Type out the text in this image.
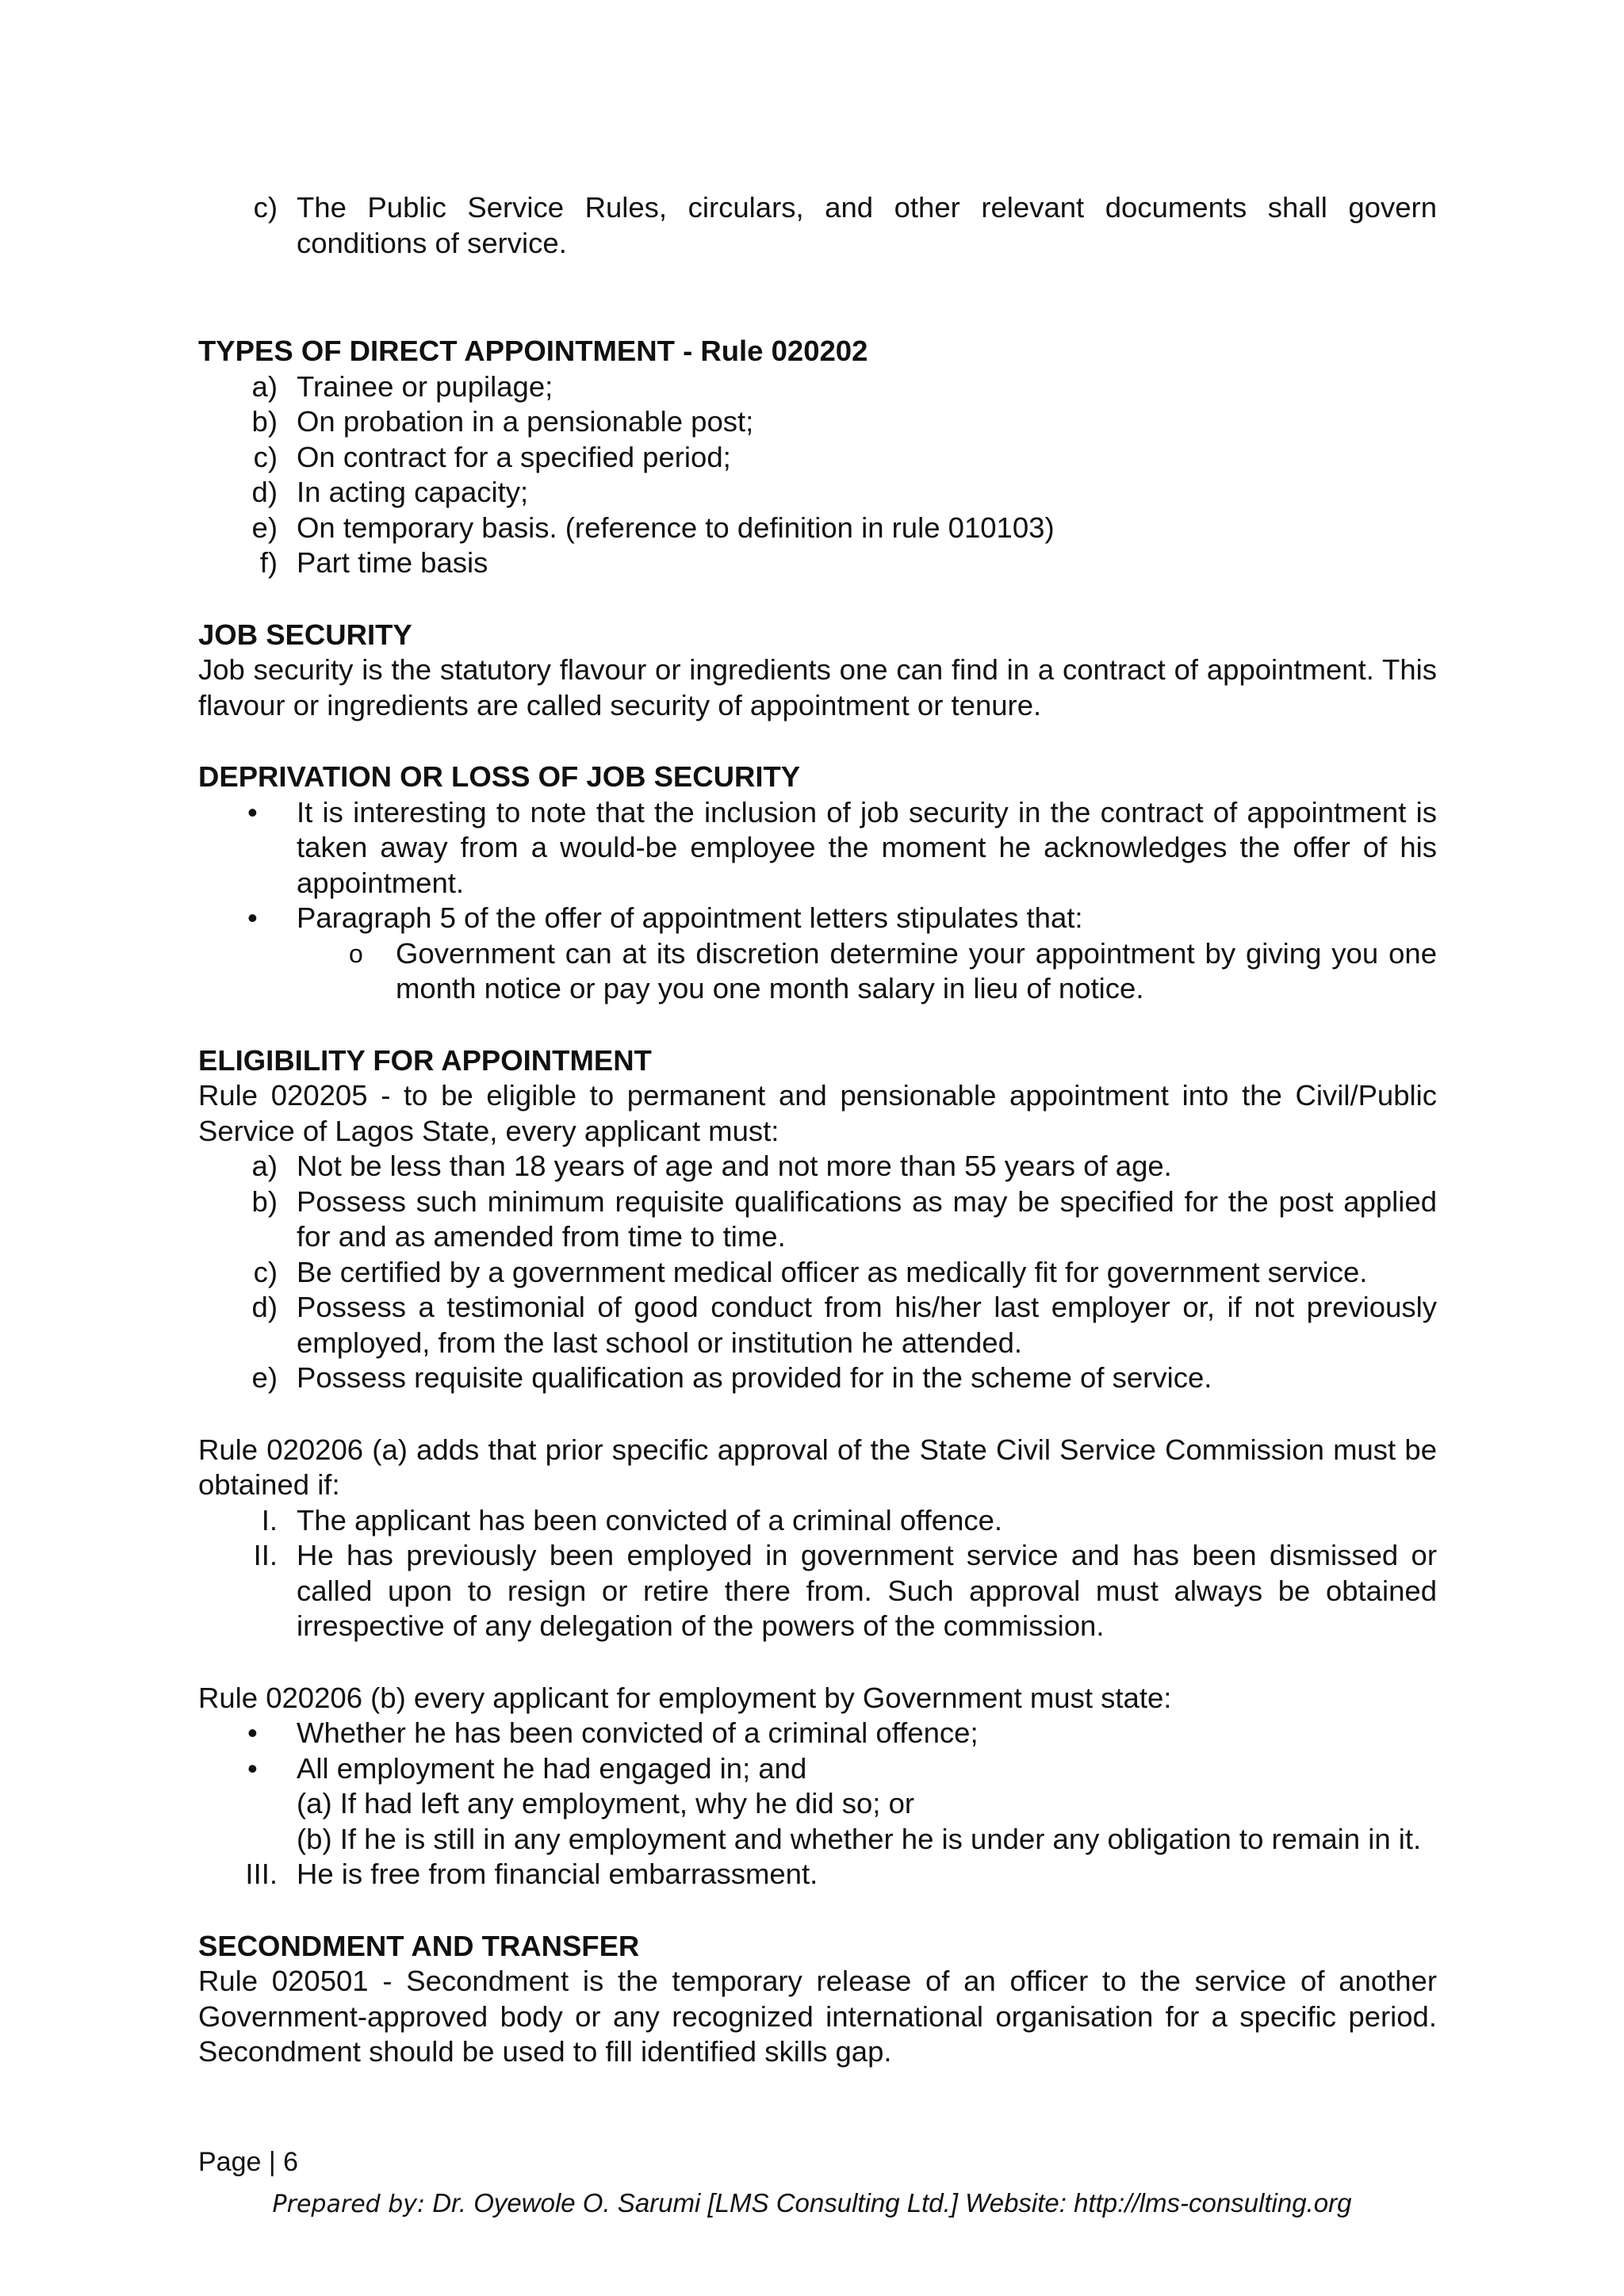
c) The Public Service Rules, circulars, and other relevant documents shall govern conditions of service.

TYPES OF DIRECT APPOINTMENT - Rule 020202

a) Trainee or pupilage;
b) On probation in a pensionable post;
c) On contract for a specified period;
d) In acting capacity;
e) On temporary basis. (reference to definition in rule 010103)
f) Part time basis

JOB SECURITY

Job security is the statutory flavour or ingredients one can find in a contract of appointment. This flavour or ingredients are called security of appointment or tenure.

DEPRIVATION OR LOSS OF JOB SECURITY

•	It is interesting to note that the inclusion of job security in the contract of appointment is taken away from a would-be employee the moment he acknowledges the offer of his appointment.
•	Paragraph 5 of the offer of appointment letters stipulates that:
o Government can at its discretion determine your appointment by giving you one month notice or pay you one month salary in lieu of notice.

ELIGIBILITY FOR APPOINTMENT

Rule 020205 - to be eligible to permanent and pensionable appointment into the Civil/Public Service of Lagos State, every applicant must:

a) Not be less than 18 years of age and not more than 55 years of age.
b) Possess such minimum requisite qualifications as may be specified for the post applied for and as amended from time to time.
c) Be certified by a government medical officer as medically fit for government service.
d) Possess a testimonial of good conduct from his/her last employer or, if not previously employed, from the last school or institution he attended.
e) Possess requisite qualification as provided for in the scheme of service.

Rule 020206 (a) adds that prior specific approval of the State Civil Service Commission must be obtained if:

I. The applicant has been convicted of a criminal offence.
II. He has previously been employed in government service and has been dismissed or called upon to resign or retire there from. Such approval must always be obtained irrespective of any delegation of the powers of the commission.

Rule 020206 (b) every applicant for employment by Government must state:

•	Whether he has been convicted of a criminal offence;
•	All employment he had engaged in; and
(a) If had left any employment, why he did so; or
(b) If he is still in any employment and whether he is under any obligation to remain in it.
III. He is free from financial embarrassment.

SECONDMENT AND TRANSFER

Rule 020501 - Secondment is the temporary release of an officer to the service of another Government-approved body or any recognized international organisation for a specific period. Secondment should be used to fill identified skills gap.

Page | 6
Prepared by: Dr. Oyewole O. Sarumi [LMS Consulting Ltd.] Website: http://lms-consulting.org
